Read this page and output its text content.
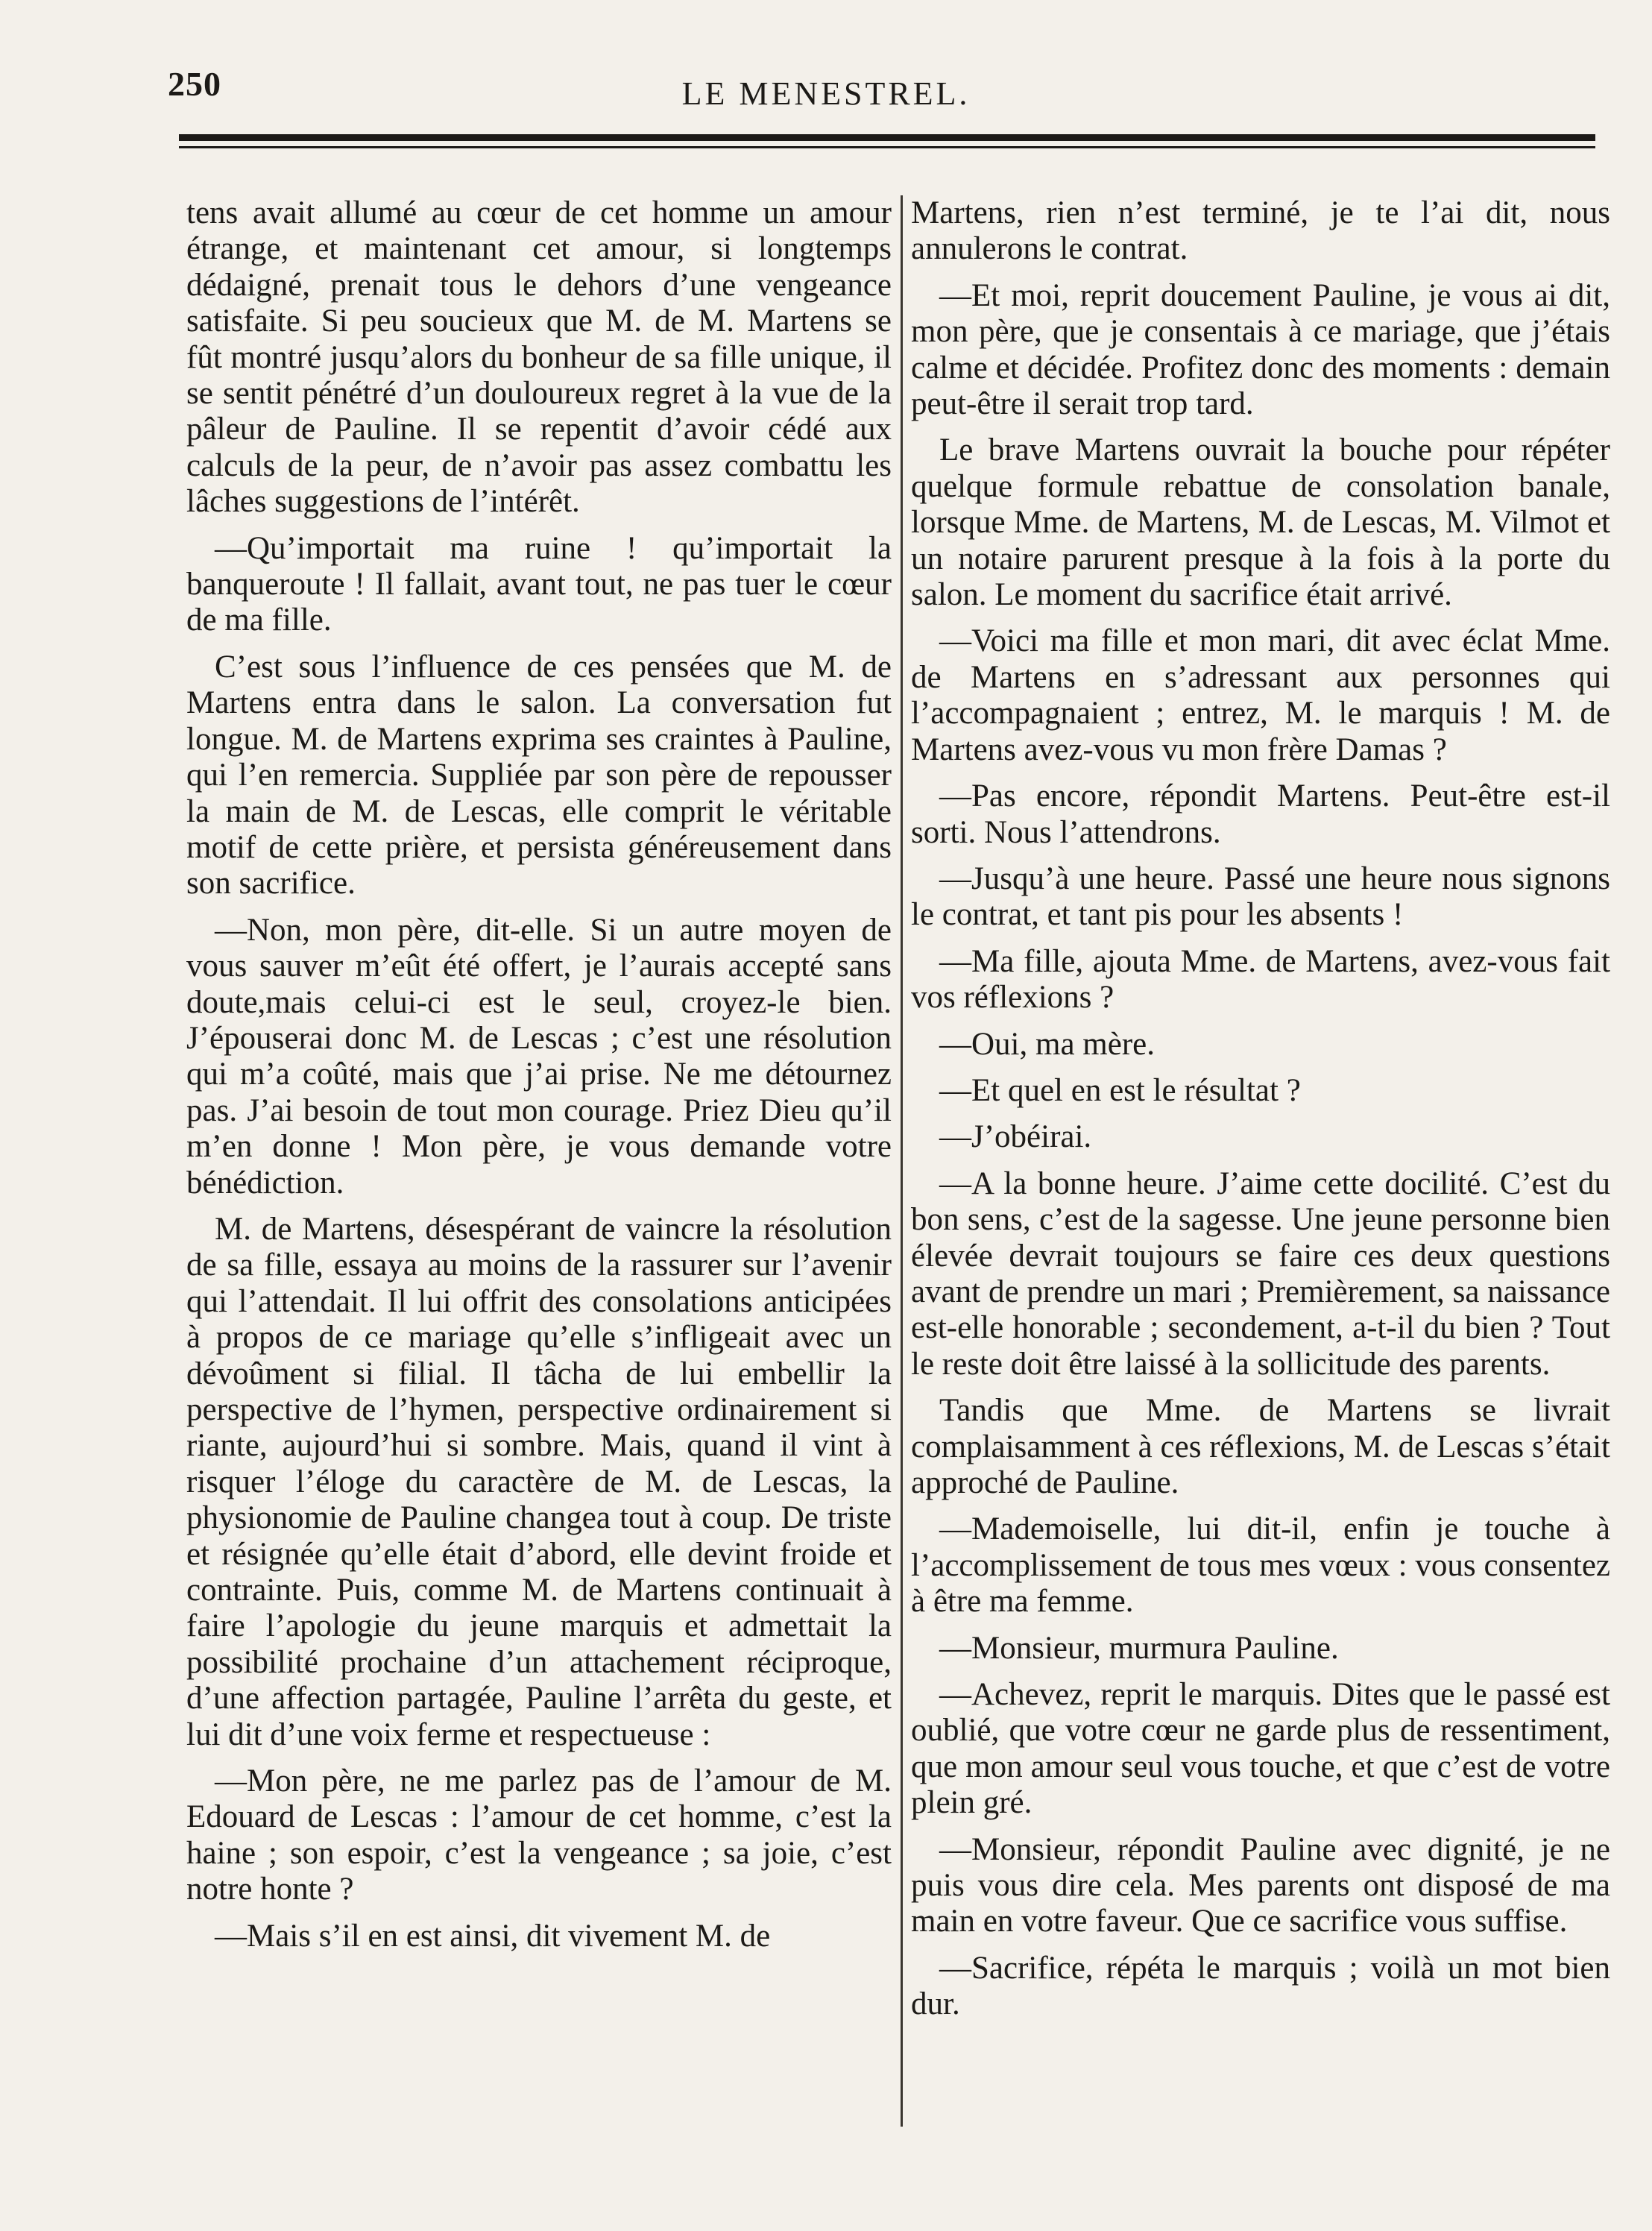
250	LE MENESTREL.

tens avait allumé au cœur de cet homme un amour étrange, et maintenant cet amour, si longtemps dédaigné, prenait tous le dehors d’une vengeance satisfaite. Si peu soucieux que M. de M. Martens se fût montré jusqu’alors du bonheur de sa fille unique, il se sentit pénétré d’un douloureux regret à la vue de la pâleur de Pauline. Il se repentit d’avoir cédé aux calculs de la peur, de n’avoir pas assez combattu les lâches suggestions de l’intérêt.

—Qu’importait ma ruine ! qu’importait la banqueroute ! Il fallait, avant tout, ne pas tuer le cœur de ma fille.

C’est sous l’influence de ces pensées que M. de Martens entra dans le salon. La conversation fut longue. M. de Martens exprima ses craintes à Pauline, qui l’en remercia. Suppliée par son père de repousser la main de M. de Lescas, elle comprit le véritable motif de cette prière, et persista généreusement dans son sacrifice.

—Non, mon père, dit-elle. Si un autre moyen de vous sauver m’eût été offert, je l’aurais accepté sans doute,mais celui-ci est le seul, croyez-le bien. J’épouserai donc M. de Lescas ; c’est une résolution qui m’a coûté, mais que j’ai prise. Ne me détournez pas. J’ai besoin de tout mon courage. Priez Dieu qu’il m’en donne ! Mon père, je vous demande votre bénédiction.

M. de Martens, désespérant de vaincre la résolution de sa fille, essaya au moins de la rassurer sur l’avenir qui l’attendait. Il lui offrit des consolations anticipées à propos de ce mariage qu’elle s’infligeait avec un dévoûment si filial. Il tâcha de lui embellir la perspective de l’hymen, perspective ordinairement si riante, aujourd’hui si sombre. Mais, quand il vint à risquer l’éloge du caractère de M. de Lescas, la physionomie de Pauline changea tout à coup. De triste et résignée qu’elle était d’abord, elle devint froide et contrainte. Puis, comme M. de Martens continuait à faire l’apologie du jeune marquis et admettait la possibilité prochaine d’un attachement réciproque, d’une affection partagée, Pauline l’arrêta du geste, et lui dit d’une voix ferme et respectueuse :

—Mon père, ne me parlez pas de l’amour de M. Edouard de Lescas : l’amour de cet homme, c’est la haine ; son espoir, c’est la vengeance ; sa joie, c’est notre honte ?

—Mais s’il en est ainsi, dit vivement M. de

Martens, rien n’est terminé, je te l’ai dit, nous annulerons le contrat.

—Et moi, reprit doucement Pauline, je vous ai dit, mon père, que je consentais à ce mariage, que j’étais calme et décidée. Profitez donc des moments : demain peut-être il serait trop tard.

Le brave Martens ouvrait la bouche pour répéter quelque formule rebattue de consolation banale, lorsque Mme. de Martens, M. de Lescas, M. Vilmot et un notaire parurent presque à la fois à la porte du salon. Le moment du sacrifice était arrivé.

—Voici ma fille et mon mari, dit avec éclat Mme. de Martens en s’adressant aux personnes qui l’accompagnaient ; entrez, M. le marquis ! M. de Martens avez-vous vu mon frère Damas ?

—Pas encore, répondit Martens. Peut-être est-il sorti. Nous l’attendrons.

—Jusqu’à une heure. Passé une heure nous signons le contrat, et tant pis pour les absents !

—Ma fille, ajouta Mme. de Martens, avez-vous fait vos réflexions ?

—Oui, ma mère.

—Et quel en est le résultat ?

—J’obéirai.

—A la bonne heure. J’aime cette docilité. C’est du bon sens, c’est de la sagesse. Une jeune personne bien élevée devrait toujours se faire ces deux questions avant de prendre un mari ; Premièrement, sa naissance est-elle honorable ; secondement, a-t-il du bien ? Tout le reste doit être laissé à la sollicitude des parents.

Tandis que Mme. de Martens se livrait complaisamment à ces réflexions, M. de Lescas s’était approché de Pauline.

—Mademoiselle, lui dit-il, enfin je touche à l’accomplissement de tous mes vœux : vous consentez à être ma femme.

—Monsieur, murmura Pauline.

—Achevez, reprit le marquis. Dites que le passé est oublié, que votre cœur ne garde plus de ressentiment, que mon amour seul vous touche, et que c’est de votre plein gré.

—Monsieur, répondit Pauline avec dignité, je ne puis vous dire cela. Mes parents ont disposé de ma main en votre faveur. Que ce sacrifice vous suffise.

—Sacrifice, répéta le marquis ; voilà un mot bien dur.
